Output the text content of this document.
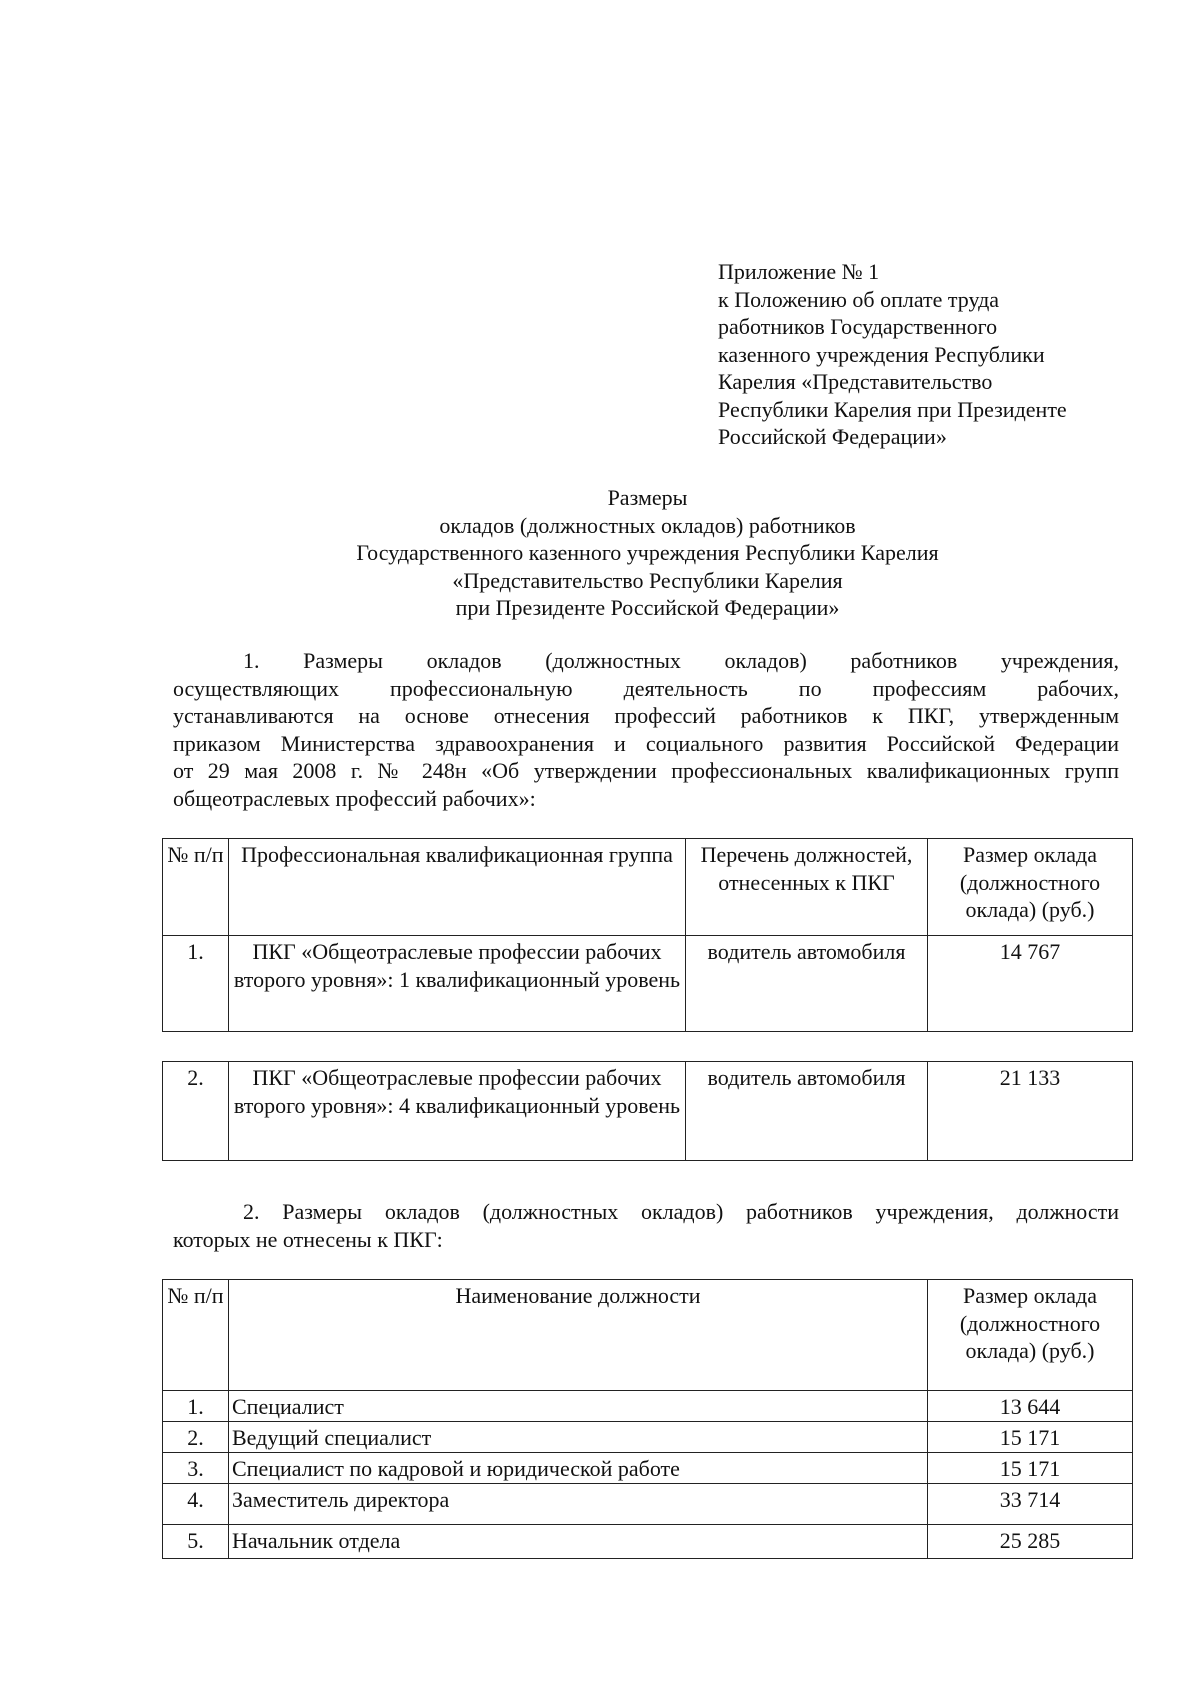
Приложение № 1
к Положению об оплате труда
работников Государственного
казенного учреждения Республики
Карелия «Представительство
Республики Карелия при Президенте
Российской Федерации»
Размеры
окладов (должностных окладов) работников
Государственного казенного учреждения Республики Карелия
«Представительство Республики Карелия
при Президенте Российской Федерации»
1. Размеры окладов (должностных окладов) работников учреждения,
осуществляющих профессиональную деятельность по профессиям рабочих,
устанавливаются на основе отнесения профессий работников к ПКГ, утвержденным
приказом Министерства здравоохранения и социального развития Российской Федерации
от 29 мая 2008 г. № 248н «Об утверждении профессиональных квалификационных групп
общеотраслевых профессий рабочих»:
№ п/п	Профессиональная квалификационная группа	Перечень должностей, отнесенных к ПКГ	Размер оклада (должностного оклада) (руб.)
1.	ПКГ «Общеотраслевые профессии рабочих второго уровня»: 1 квалификационный уровень	водитель автомобиля	14 767
2.	ПКГ «Общеотраслевые профессии рабочих второго уровня»: 4 квалификационный уровень	водитель автомобиля	21 133
2. Размеры окладов (должностных окладов) работников учреждения, должности
которых не отнесены к ПКГ:
№ п/п	Наименование должности	Размер оклада (должностного оклада) (руб.)
1.	Специалист	13 644
2.	Ведущий специалист	15 171
3.	Специалист по кадровой и юридической работе	15 171
4.	Заместитель директора	33 714
5.	Начальник отдела	25 285
